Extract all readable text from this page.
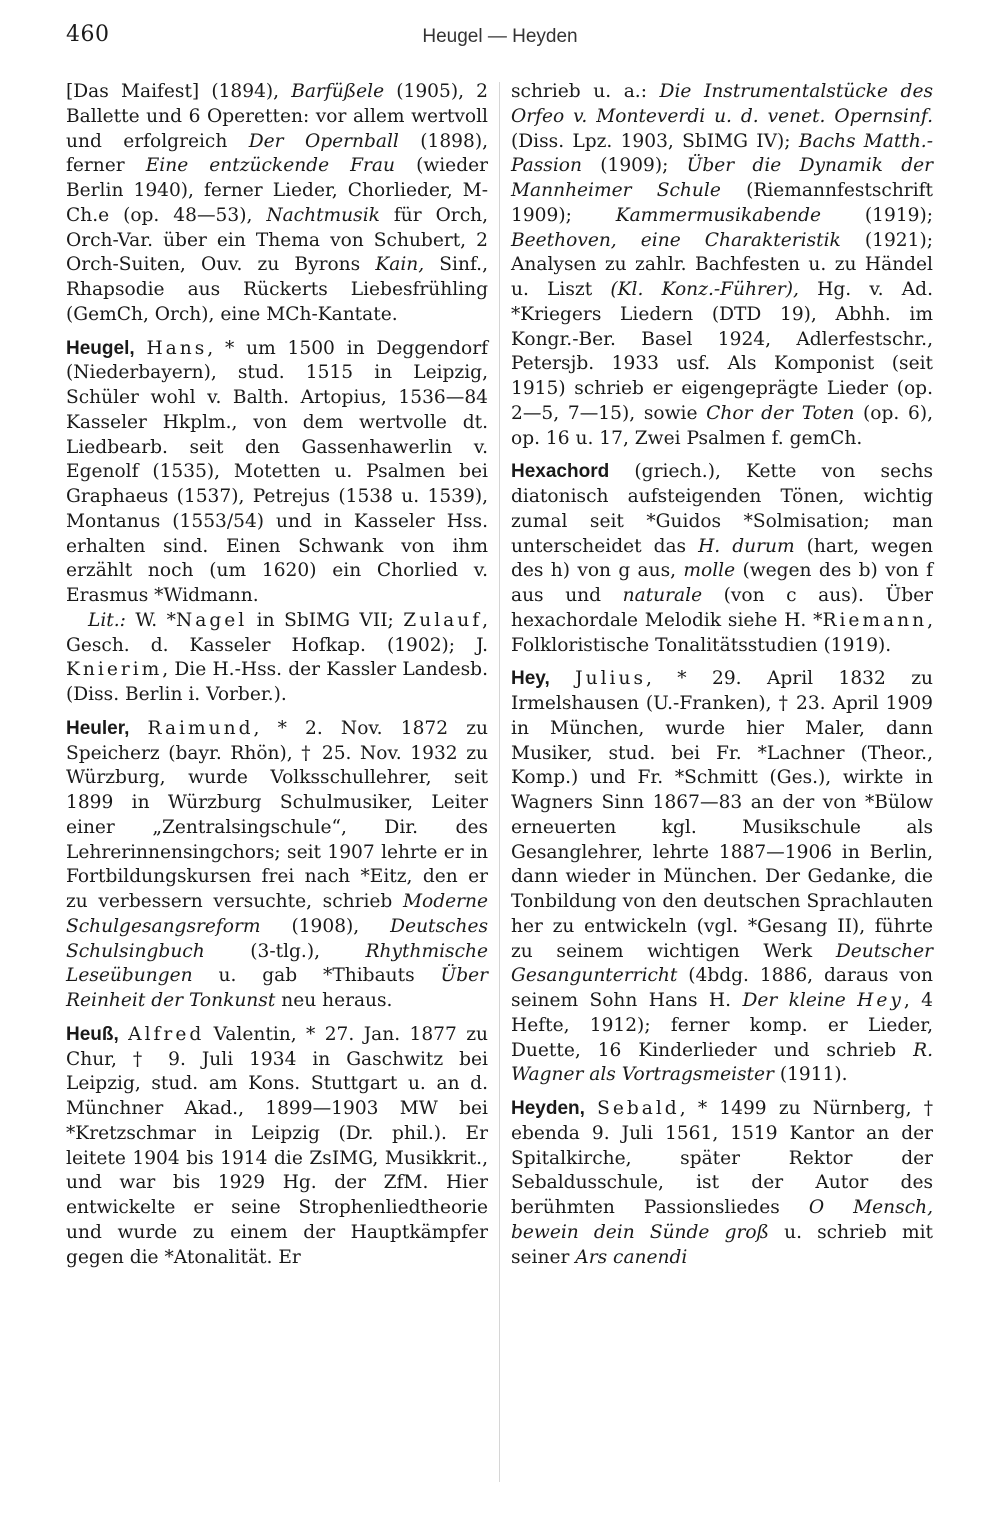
460	Heugel — Heyden

[Das Maifest] (1894), Barfüßele (1905), 2 Ballette und 6 Operetten: vor allem wertvoll und erfolgreich Der Opernball (1898), ferner Eine entzückende Frau (wieder Berlin 1940), ferner Lieder, Chorlieder, M-Ch.e (op. 48—53), Nachtmusik für Orch, Orch-Var. über ein Thema von Schubert, 2 Orch-Suiten, Ouv. zu Byrons Kain, Sinf., Rhapsodie aus Rückerts Liebesfrühling (GemCh, Orch), eine MCh-Kantate.

Heugel, Hans, * um 1500 in Deggendorf (Niederbayern), stud. 1515 in Leipzig, Schüler wohl v. Balth. Artopius, 1536—84 Kasseler Hkplm., von dem wertvolle dt. Liedbearb. seit den Gassenhawerlin v. Egenolf (1535), Motetten u. Psalmen bei Graphaeus (1537), Petrejus (1538 u. 1539), Montanus (1553/54) und in Kasseler Hss. erhalten sind. Einen Schwank von ihm erzählt noch (um 1620) ein Chorlied v. Erasmus *Widmann.

Lit.: W. *Nagel in SbIMG VII; Zulauf, Gesch. d. Kasseler Hofkap. (1902); J. Knierim, Die H.-Hss. der Kassler Landesb. (Diss. Berlin i. Vorber.).

Heuler, Raimund, * 2. Nov. 1872 zu Speicherz (bayr. Rhön), † 25. Nov. 1932 zu Würzburg, wurde Volksschullehrer, seit 1899 in Würzburg Schulmusiker, Leiter einer „Zentralsingschule“, Dir. des Lehrerinnensingchors; seit 1907 lehrte er in Fortbildungskursen frei nach *Eitz, den er zu verbessern versuchte, schrieb Moderne Schulgesangsreform (1908), Deutsches Schulsingbuch (3-tlg.), Rhythmische Leseübungen u. gab *Thibauts Über Reinheit der Tonkunst neu heraus.

Heuß, Alfred Valentin, * 27. Jan. 1877 zu Chur, † 9. Juli 1934 in Gaschwitz bei Leipzig, stud. am Kons. Stuttgart u. an d. Münchner Akad., 1899—1903 MW bei *Kretzschmar in Leipzig (Dr. phil.). Er leitete 1904 bis 1914 die ZsIMG, Musikkrit., und war bis 1929 Hg. der ZfM. Hier entwickelte er seine Strophenliedtheorie und wurde zu einem der Hauptkämpfer gegen die *Atonalität. Er

schrieb u. a.: Die Instrumentalstücke des Orfeo v. Monteverdi u. d. venet. Opernsinf. (Diss. Lpz. 1903, SbIMG IV); Bachs Matth.-Passion (1909); Über die Dynamik der Mannheimer Schule (Riemannfestschrift 1909); Kammermusikabende (1919); Beethoven, eine Charakteristik (1921); Analysen zu zahlr. Bachfesten u. zu Händel u. Liszt (Kl. Konz.-Führer), Hg. v. Ad. *Kriegers Liedern (DTD 19), Abhh. im Kongr.-Ber. Basel 1924, Adlerfestschr., Petersjb. 1933 usf. Als Komponist (seit 1915) schrieb er eigengeprägte Lieder (op. 2—5, 7—15), sowie Chor der Toten (op. 6), op. 16 u. 17, Zwei Psalmen f. gemCh.

Hexachord (griech.), Kette von sechs diatonisch aufsteigenden Tönen, wichtig zumal seit *Guidos *Solmisation; man unterscheidet das H. durum (hart, wegen des h) von g aus, molle (wegen des b) von f aus und naturale (von c aus). Über hexachordale Melodik siehe H. *Riemann, Folkloristische Tonalitätsstudien (1919).

Hey, Julius, * 29. April 1832 zu Irmelshausen (U.-Franken), † 23. April 1909 in München, wurde hier Maler, dann Musiker, stud. bei Fr. *Lachner (Theor., Komp.) und Fr. *Schmitt (Ges.), wirkte in Wagners Sinn 1867—83 an der von *Bülow erneuerten kgl. Musikschule als Gesanglehrer, lehrte 1887—1906 in Berlin, dann wieder in München. Der Gedanke, die Tonbildung von den deutschen Sprachlauten her zu entwickeln (vgl. *Gesang II), führte zu seinem wichtigen Werk Deutscher Gesangunterricht (4bdg. 1886, daraus von seinem Sohn Hans H. Der kleine Hey, 4 Hefte, 1912); ferner komp. er Lieder, Duette, 16 Kinderlieder und schrieb R. Wagner als Vortragsmeister (1911).

Heyden, Sebald, * 1499 zu Nürnberg, † ebenda 9. Juli 1561, 1519 Kantor an der Spitalkirche, später Rektor der Sebaldusschule, ist der Autor des berühmten Passionsliedes O Mensch, bewein dein Sünde groß u. schrieb mit seiner Ars canendi
